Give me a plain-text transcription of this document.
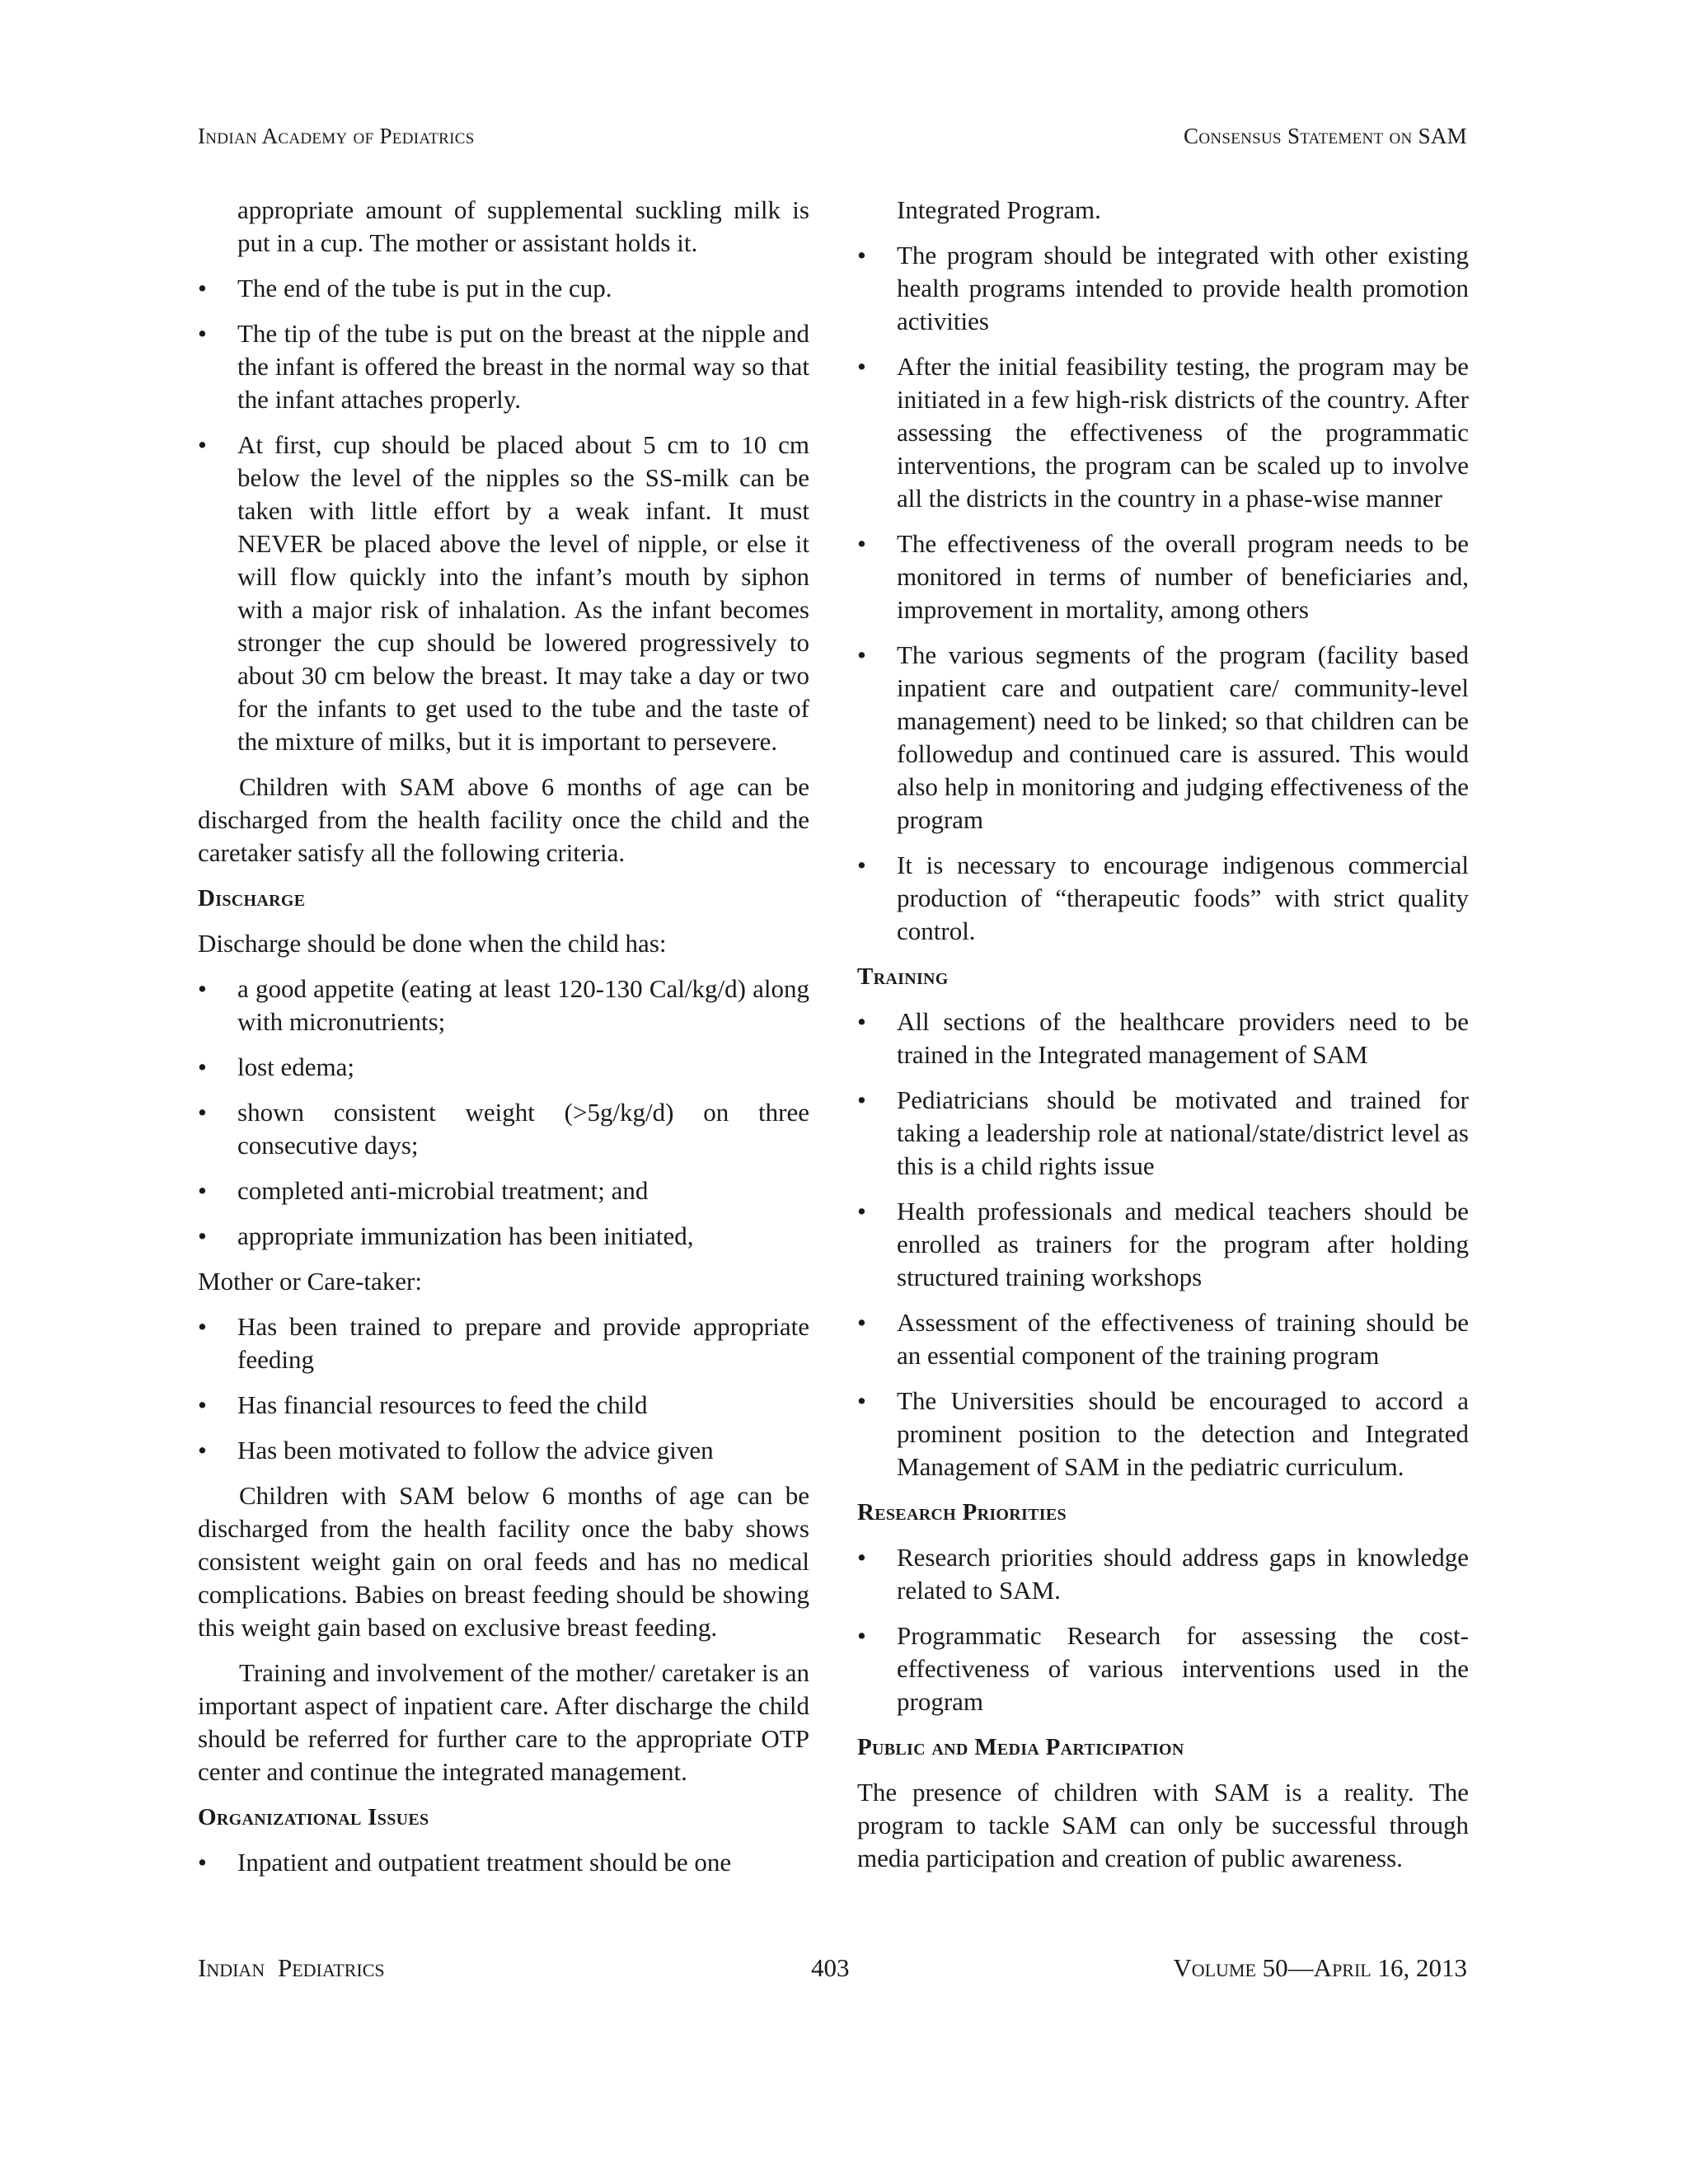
Indian Academy of Pediatrics	Consensus Statement on SAM
appropriate amount of supplemental suckling milk is put in a cup. The mother or assistant holds it.
• The end of the tube is put in the cup.
• The tip of the tube is put on the breast at the nipple and the infant is offered the breast in the normal way so that the infant attaches properly.
• At first, cup should be placed about 5 cm to 10 cm below the level of the nipples so the SS-milk can be taken with little effort by a weak infant. It must NEVER be placed above the level of nipple, or else it will flow quickly into the infant’s mouth by siphon with a major risk of inhalation. As the infant becomes stronger the cup should be lowered progressively to about 30 cm below the breast. It may take a day or two for the infants to get used to the tube and the taste of the mixture of milks, but it is important to persevere.

Children with SAM above 6 months of age can be discharged from the health facility once the child and the caretaker satisfy all the following criteria.

Discharge

Discharge should be done when the child has:

• a good appetite (eating at least 120-130 Cal/kg/d) along with micronutrients;
• lost edema;
• shown consistent weight (>5g/kg/d) on three consecutive days;
• completed anti-microbial treatment; and
• appropriate immunization has been initiated,

Mother or Care-taker:

• Has been trained to prepare and provide appropriate feeding
• Has financial resources to feed the child
• Has been motivated to follow the advice given

Children with SAM below 6 months of age can be discharged from the health facility once the baby shows consistent weight gain on oral feeds and has no medical complications. Babies on breast feeding should be showing this weight gain based on exclusive breast feeding.

Training and involvement of the mother/ caretaker is an important aspect of inpatient care. After discharge the child should be referred for further care to the appropriate OTP center and continue the integrated management.

Organizational Issues
• Inpatient and outpatient treatment should be one
Integrated Program.
• The program should be integrated with other existing health programs intended to provide health promotion activities
• After the initial feasibility testing, the program may be initiated in a few high-risk districts of the country. After assessing the effectiveness of the programmatic interventions, the program can be scaled up to involve all the districts in the country in a phase-wise manner
• The effectiveness of the overall program needs to be monitored in terms of number of beneficiaries and, improvement in mortality, among others
• The various segments of the program (facility based inpatient care and outpatient care/ community-level management) need to be linked; so that children can be followedup and continued care is assured. This would also help in monitoring and judging effectiveness of the program
• It is necessary to encourage indigenous commercial production of “therapeutic foods” with strict quality control.
Training
• All sections of the healthcare providers need to be trained in the Integrated management of SAM
• Pediatricians should be motivated and trained for taking a leadership role at national/state/district level as this is a child rights issue
• Health professionals and medical teachers should be enrolled as trainers for the program after holding structured training workshops
• Assessment of the effectiveness of training should be an essential component of the training program
• The Universities should be encouraged to accord a prominent position to the detection and Integrated Management of SAM in the pediatric curriculum.
Research Priorities
• Research priorities should address gaps in knowledge related to SAM.
• Programmatic Research for assessing the cost-effectiveness of various interventions used in the program
Public and Media Participation

The presence of children with SAM is a reality. The program to tackle SAM can only be successful through media participation and creation of public awareness.

Indian Pediatrics	403	Volume 50—April 16, 2013
